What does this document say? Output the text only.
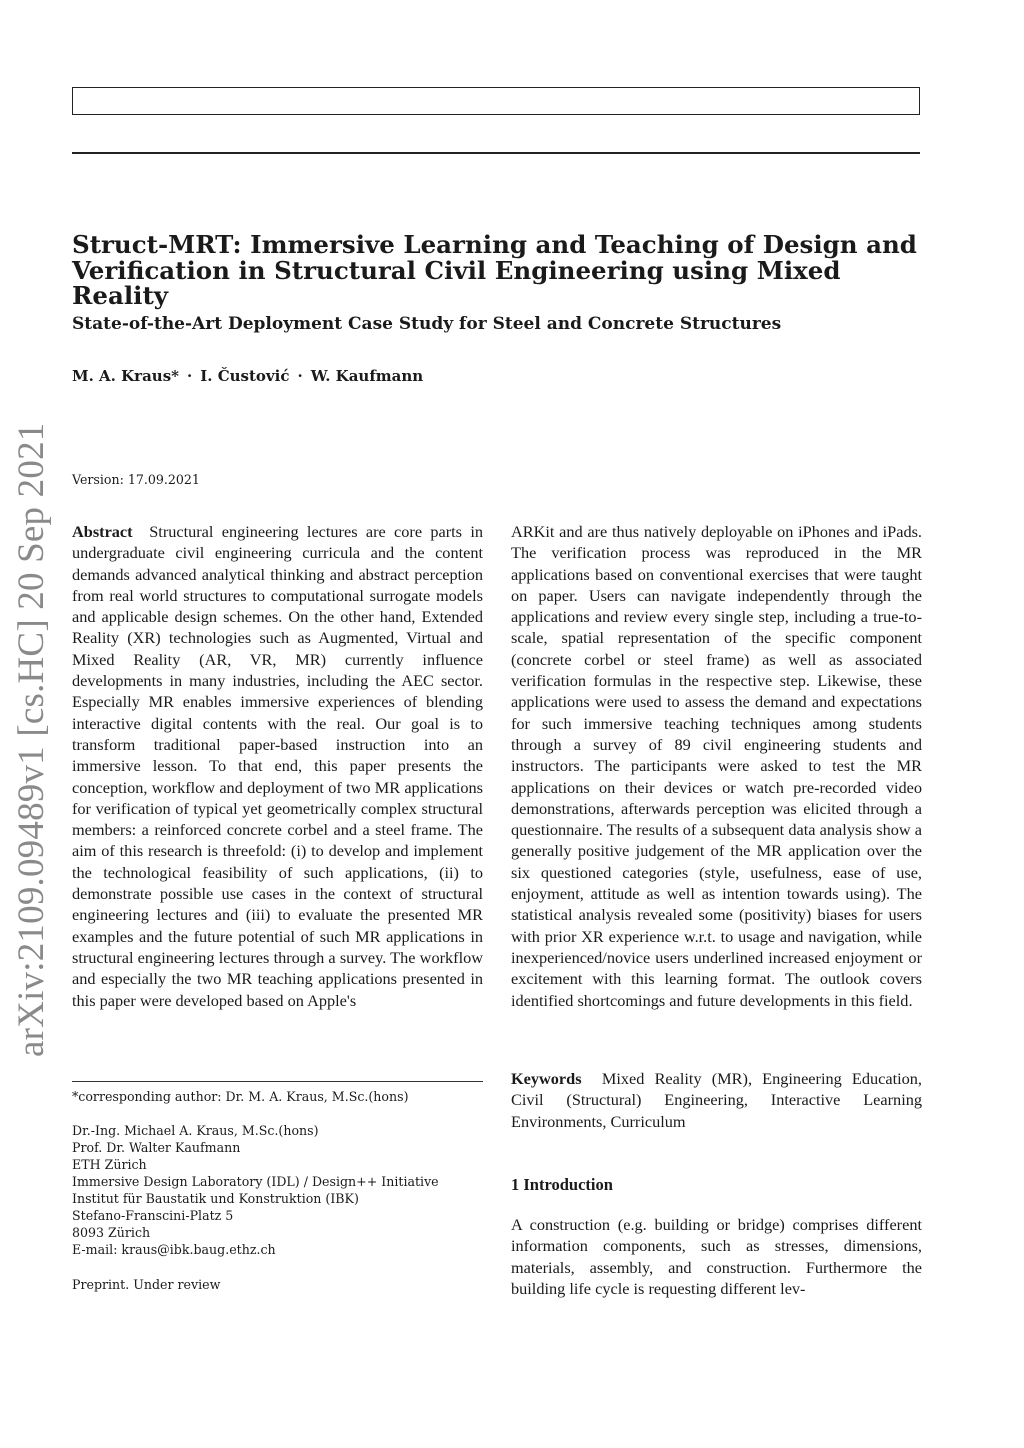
Struct-MRT: Immersive Learning and Teaching of Design and Verification in Structural Civil Engineering using Mixed Reality
State-of-the-Art Deployment Case Study for Steel and Concrete Structures

M. A. Kraus* · I. Čustović · W. Kaufmann

arXiv:2109.09489v1 [cs.HC] 20 Sep 2021	Version: 17.09.2021

Abstract Structural engineering lectures are core parts in undergraduate civil engineering curricula and the content demands advanced analytical thinking and abstract perception from real world structures to computational surrogate models and applicable design schemes. On the other hand, Extended Reality (XR) technologies such as Augmented, Virtual and Mixed Reality (AR, VR, MR) currently influence developments in many industries, including the AEC sector. Especially MR enables immersive experiences of blending interactive digital contents with the real. Our goal is to transform traditional paper-based instruction into an immersive lesson. To that end, this paper presents the conception, workflow and deployment of two MR applications for verification of typical yet geometrically complex structural members: a reinforced concrete corbel and a steel frame. The aim of this research is threefold: (i) to develop and implement the technological feasibility of such applications, (ii) to demonstrate possible use cases in the context of structural engineering lectures and (iii) to evaluate the presented MR examples and the future potential of such MR applications in structural engineering lectures through a survey. The workflow and especially the two MR teaching applications presented in this paper were developed based on Apple's

ARKit and are thus natively deployable on iPhones and iPads. The verification process was reproduced in the MR applications based on conventional exercises that were taught on paper. Users can navigate independently through the applications and review every single step, including a true-to-scale, spatial representation of the specific component (concrete corbel or steel frame) as well as associated verification formulas in the respective step. Likewise, these applications were used to assess the demand and expectations for such immersive teaching techniques among students through a survey of 89 civil engineering students and instructors. The participants were asked to test the MR applications on their devices or watch pre-recorded video demonstrations, afterwards perception was elicited through a questionnaire. The results of a subsequent data analysis show a generally positive judgement of the MR application over the six questioned categories (style, usefulness, ease of use, enjoyment, attitude as well as intention towards using). The statistical analysis revealed some (positivity) biases for users with prior XR experience w.r.t. to usage and navigation, while inexperienced/novice users underlined increased enjoyment or excitement with this learning format. The outlook covers identified shortcomings and future developments in this field.

Keywords Mixed Reality (MR), Engineering Education, Civil (Structural) Engineering, Interactive Learning Environments, Curriculum

*corresponding author: Dr. M. A. Kraus, M.Sc.(hons)
Dr.-Ing. Michael A. Kraus, M.Sc.(hons)
Prof. Dr. Walter Kaufmann
ETH Zürich
Immersive Design Laboratory (IDL) / Design++ Initiative
Institut für Baustatik und Konstruktion (IBK)
Stefano-Franscini-Platz 5
8093 Zürich
E-mail: kraus@ibk.baug.ethz.ch
Preprint. Under review
1 Introduction

A construction (e.g. building or bridge) comprises different information components, such as stresses, dimensions, materials, assembly, and construction. Furthermore the building life cycle is requesting different lev-
